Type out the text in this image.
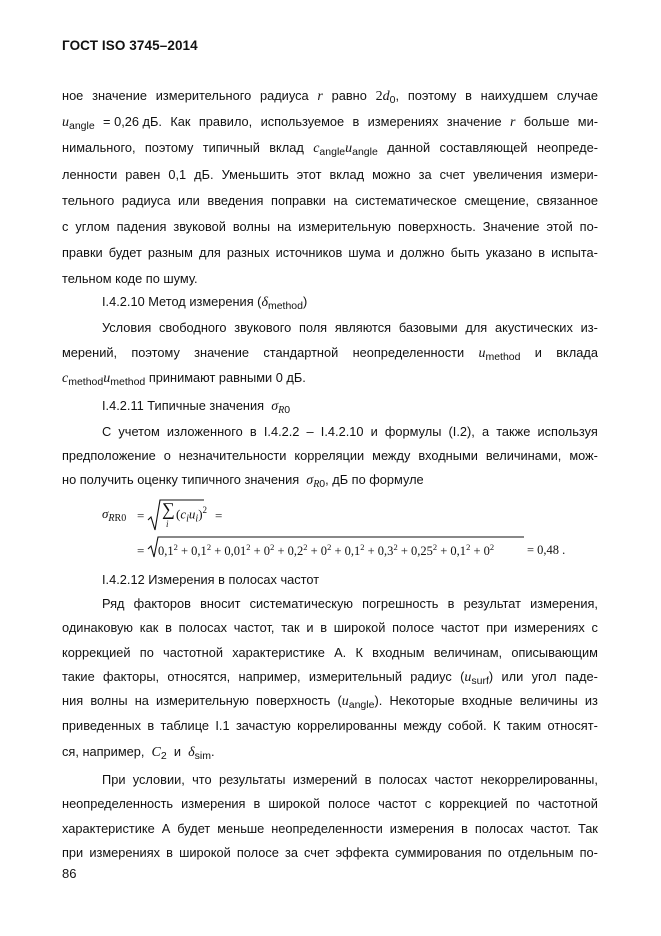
ГОСТ ISO 3745–2014
ное значение измерительного радиуса r равно $2d_0$, поэтому в наихудшем случае
$u_{angle} = 0,26$ дБ. Как правило, используемое в измерениях значение r больше ми-
нимального, поэтому типичный вклад $c_{angle}u_{angle}$ данной составляющей неопреде-
ленности равен 0,1 дБ. Уменьшить этот вклад можно за счет увеличения измери-
тельного радиуса или введения поправки на систематическое смещение, связанное
с углом падения звуковой волны на измерительную поверхность. Значение этой по-
правки будет разным для разных источников шума и должно быть указано в испыта-
тельном коде по шуму.
I.4.2.10 Метод измерения ( $\delta_{method}$ )
Условия свободного звукового поля являются базовыми для акустических из-
мерений, поэтому значение стандартной неопределенности $u_{method}$ и вклада
$c_{method}u_{method}$
принимают равными 0 дБ.
I.4.2.11 Типичные значения
$\sigma_{R0}$
С учетом изложенного в I.4.2.2 – I.4.2.10 и формулы (I.2), а также используя
предположение о незначительности корреляции между входными величинами, мож-
но получить оценку типичного значения
$\sigma_{R0}$ , дБ по формуле
$\sigma_{RR0}$ = ∑
i
$(c_iu_i)^2$ =
= $0,1^2 + 0,1^2 + 0,01^2 + 0^2 + 0,2^2 + 0^2 + 0,1^2 + 0,3^2 + 0,25^2 + 0,1^2 + 0^2$	= 0,48 .
I.4.2.12 Измерения в полосах частот
Ряд факторов вносит систематическую погрешность в результат измерения,
одинаковую как в полосах частот, так и в широкой полосе частот при измерениях с
коррекцией по частотной характеристике А. К входным величинам, описывающим
такие факторы, относятся, например, измерительный радиус $(u_{surf})$ или угол паде-
ния волны на измерительную поверхность $(u_{angle})$. Некоторые входные величины из
приведенных в таблице I.1 зачастую коррелированны между собой. К таким относят-
ся, например,
$C_2$
и
$\delta_{sim}$ .
При условии, что результаты измерений в полосах частот некоррелированны,
неопределенность измерения в широкой полосе частот с коррекцией по частотной
характеристике А будет меньше неопределенности измерения в полосах частот. Так
при измерениях в широкой полосе за счет эффекта суммирования по отдельным по-
86
